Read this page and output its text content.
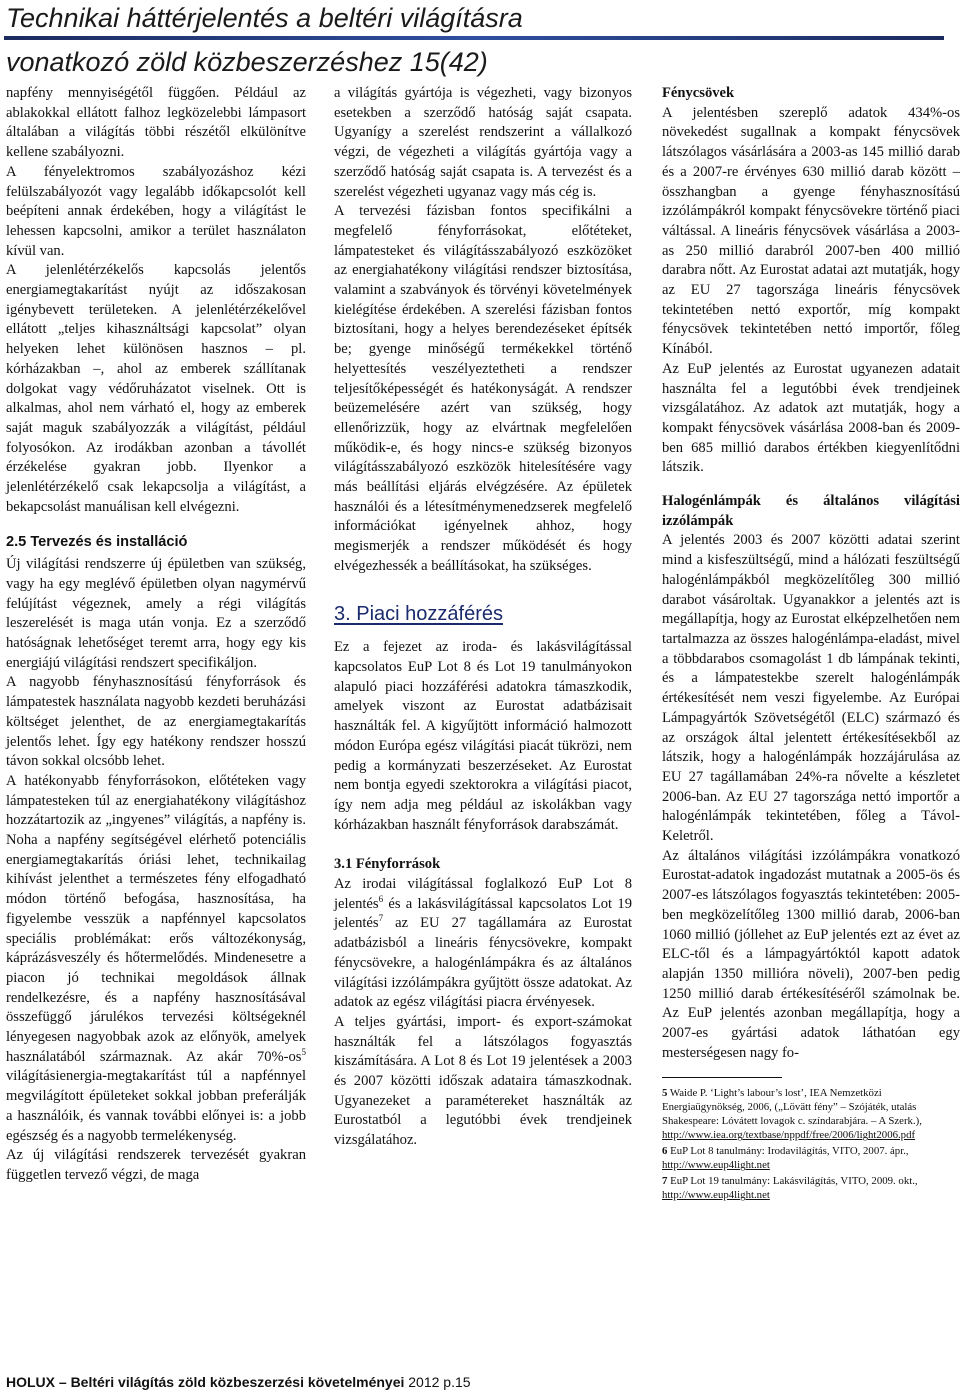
Technikai háttérjelentés a beltéri világításra

vonatkozó zöld közbeszerzéshez 15(42)

napfény mennyiségétől függően. Például az ablakokkal ellátott falhoz legközelebbi lámpasort általában a világítás többi részétől elkülönítve kellene szabályozni.

A fényelektromos szabályozáshoz kézi felülszabályozót vagy legalább időkapcsolót kell beépíteni annak érdekében, hogy a világítást le lehessen kapcsolni, amikor a terület használaton kívül van.

A jelenlétérzékelős kapcsolás jelentős energiamegtakarítást nyújt az időszakosan igénybevett területeken. A jelenlétérzékelővel ellátott „teljes kihasználtsági kapcsolat” olyan helyeken lehet különösen hasznos – pl. kórházakban –, ahol az emberek szállítanak dolgokat vagy védőruházatot viselnek. Ott is alkalmas, ahol nem várható el, hogy az emberek saját maguk szabályozzák a világítást, például folyosókon. Az irodákban azonban a távollét érzékelése gyakran jobb. Ilyenkor a jelenlétérzékelő csak lekapcsolja a világítást, a bekapcsolást manuálisan kell elvégezni.

2.5 Tervezés és installáció

Új világítási rendszerre új épületben van szükség, vagy ha egy meglévő épületben olyan nagymérvű felújítást végeznek, amely a régi világítás leszerelését is maga után vonja. Ez a szerződő hatóságnak lehetőséget teremt arra, hogy egy kis energiájú világítási rendszert specifikáljon.

A nagyobb fényhasznosítású fényforrások és lámpatestek használata nagyobb kezdeti beruházási költséget jelenthet, de az energiamegtakarítás jelentős lehet. Így egy hatékony rendszer hosszú távon sokkal olcsóbb lehet.

A hatékonyabb fényforrásokon, előtéteken vagy lámpatesteken túl az energiahatékony világításhoz hozzátartozik az „ingyenes” világítás, a napfény is. Noha a napfény segítségével elérhető potenciális energiamegtakarítás óriási lehet, technikailag kihívást jelenthet a természetes fény elfogadható módon történő befogása, hasznosítása, ha figyelembe vesszük a napfénnyel kapcsolatos speciális problémákat: erős változékonyság, káprázásveszély és hőtermelődés. Mindenesetre a piacon jó technikai megoldások állnak rendelkezésre, és a napfény hasznosításával összefüggő járulékos tervezési költségeknél lényegesen nagyobbak azok az előnyök, amelyek használatából származnak. Az akár $70\%-os^5$ világításienergia-megtakarítást túl a napfénnyel megvilágított épületeket sokkal jobban preferálják a használóik, és vannak további előnyei is: a jobb egészség és a nagyobb termelékenység.

Az új világítási rendszerek tervezését gyakran független tervező végzi, de maga

a világítás gyártója is végezheti, vagy bizonyos esetekben a szerződő hatóság saját csapata. Ugyanígy a szerelést rendszerint a vállalkozó végzi, de végezheti a világítás gyártója vagy a szerződő hatóság saját csapata is. A tervezést és a szerelést végezheti ugyanaz vagy más cég is.

A tervezési fázisban fontos specifikálni a megfelelő fényforrásokat, előtéteket, lámpatesteket és világításszabályozó eszközöket az energiahatékony világítási rendszer biztosítása, valamint a szabványok és törvényi követelmények kielégítése érdekében. A szerelési fázisban fontos biztosítani, hogy a helyes berendezéseket építsék be; gyenge minőségű termékekkel történő helyettesítés veszélyeztetheti a rendszer teljesítőképességét és hatékonyságát. A rendszer beüzemelésére azért van szükség, hogy ellenőrizzük, hogy az elvártnak megfelelően működik-e, és hogy nincs-e szükség bizonyos világításszabályozó eszközök hitelesítésére vagy más beállítási eljárás elvégzésére. Az épületek használói és a létesítménymenedzserek megfelelő információkat igényelnek ahhoz, hogy megismerjék a rendszer működését és hogy elvégezhessék a beállításokat, ha szükséges.

3. Piaci hozzáférés

Ez a fejezet az iroda- és lakásvilágítással kapcsolatos EuP Lot 8 és Lot 19 tanulmányokon alapuló piaci hozzáférési adatokra támaszkodik, amelyek viszont az Eurostat adatbázisait használták fel. A kigyűjtött információ halmozott módon Európa egész világítási piacát tükrözi, nem pedig a kormányzati beszerzéseket. Az Eurostat nem bontja egyedi szektorokra a világítási piacot, így nem adja meg például az iskolákban vagy kórházakban használt fényforrások darabszámát.

3.1 Fényforrások

Az irodai világítással foglalkozó EuP Lot 8 jelentés$^6$ és a lakásvilágítással kapcsolatos Lot 19 jelentés$^7$ az EU 27 tagállamára az Eurostat adatbázisból a lineáris fénycsövekre, kompakt fénycsövekre, a halogénlámpákra és az általános világítási izzólámpákra gyűjtött össze adatokat. Az adatok az egész világítási piacra érvényesek.

A teljes gyártási, import- és export-számokat használták fel a látszólagos fogyasztás kiszámítására. A Lot 8 és Lot 19 jelentések a 2003 és 2007 közötti időszak adataira támaszkodnak. Ugyanezeket a paramétereket használták az Eurostatból a legutóbbi évek trendjeinek vizsgálatához.

Fénycsövek

A jelentésben szereplő adatok 434%-os növekedést sugallnak a kompakt fénycsövek látszólagos vásárlására a 2003-as 145 millió darab és a 2007-re érvényes 630 millió darab között – összhangban a gyenge fényhasznosítású izzólámpákról kompakt fénycsövekre történő piaci váltással. A lineáris fénycsövek vásárlása a 2003-as 250 millió darabról 2007-ben 400 millió darabra nőtt. Az Eurostat adatai azt mutatják, hogy az EU 27 tagországa lineáris fénycsövek tekintetében nettó exportőr, míg kompakt fénycsövek tekintetében nettó importőr, főleg Kínából.

Az EuP jelentés az Eurostat ugyanezen adatait használta fel a legutóbbi évek trendjeinek vizsgálatához. Az adatok azt mutatják, hogy a kompakt fénycsövek vásárlása 2008-ban és 2009-ben 685 millió darabos értékben kiegyenlítődni látszik.

Halogénlámpák és általános világítási izzólámpák

A jelentés 2003 és 2007 közötti adatai szerint mind a kisfeszültségű, mind a hálózati feszültségű halogénlámpákból megközelítőleg 300 millió darabot vásároltak. Ugyanakkor a jelentés azt is megállapítja, hogy az Eurostat elképzelhetően nem tartalmazza az összes halogénlámpa-eladást, mivel a többdarabos csomagolást 1 db lámpának tekinti, és a lámpatestekbe szerelt halogénlámpák értékesítését nem veszi figyelembe. Az Európai Lámpagyártók Szövetségétől (ELC) származó és az országok által jelentett értékesítésekből az látszik, hogy a halogénlámpák hozzájárulása az EU 27 tagállamában 24%-ra nővelte a készletet 2006-ban. Az EU 27 tagországa nettó importőr a halogénlámpák tekintetében, főleg a Távol-Keletről.

Az általános világítási izzólámpákra vonatkozó Eurostat-adatok ingadozást mutatnak a 2005-ös és 2007-es látszólagos fogyasztás tekintetében: 2005-ben megközelítőleg 1300 millió darab, 2006-ban 1060 millió (jóllehet az EuP jelentés ezt az évet az ELC-től és a lámpagyártóktól kapott adatok alapján 1350 millióra növeli), 2007-ben pedig 1250 millió darab értékesítéséről számolnak be. Az EuP jelentés azonban megállapítja, hogy a 2007-es gyártási adatok láthatóan egy mesterségesen nagy fo-

5 Waide P. ‘Light’s labour’s lost’, IEA Nemzetközi Energiaügynökség, 2006, („Lövätt fény” – Szójáték, utalás Shakespeare: Lóvátett lovagok c. színdarabjára. – A Szerk.), http://www.iea.org/textbase/nppdf/free/2006/light2006.pdf

6 EuP Lot 8 tanulmány: Irodavilágítás, VITO, 2007. ápr., http://www.eup4light.net

7 EuP Lot 19 tanulmány: Lakásvilágítás, VITO, 2009. okt., http://www.eup4light.net

HOLUX – Beltéri világítás zöld közbeszerzési követelményei 2012 p.15
